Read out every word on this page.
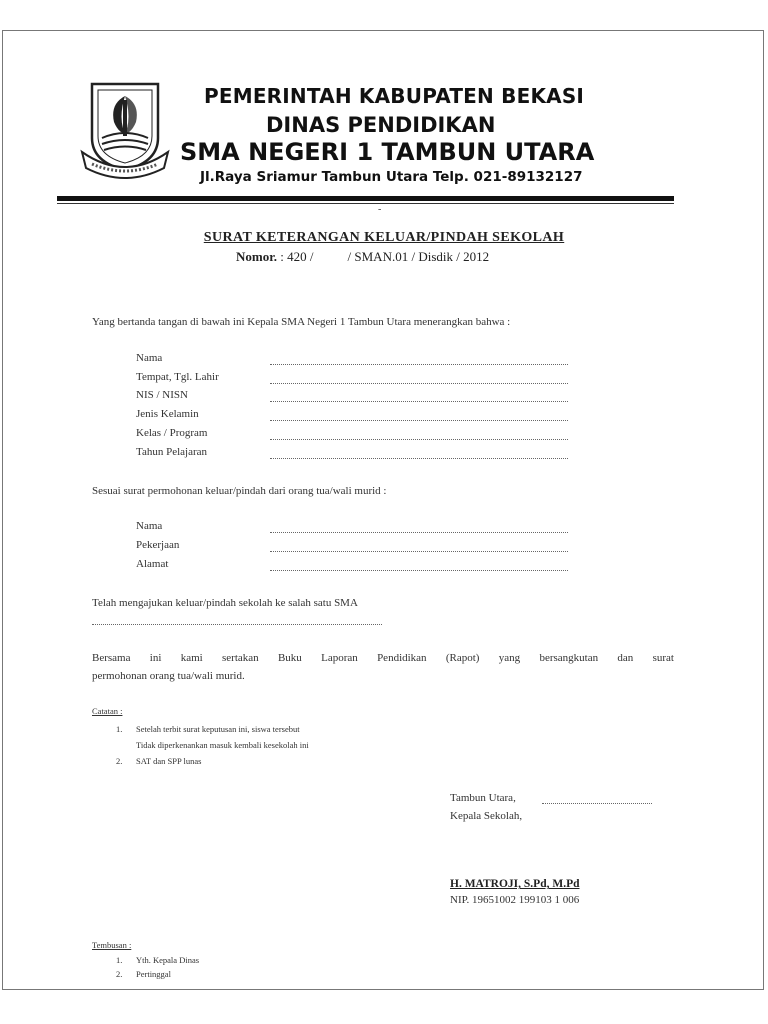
PEMERINTAH KABUPATEN BEKASI
DINAS PENDIDIKAN
SMA NEGERI 1 TAMBUN UTARA
Jl.Raya Sriamur Tambun Utara Telp. 021-89132127
-
SURAT KETERANGAN KELUAR/PINDAH SEKOLAH
Nomor. : 420 /	/ SMAN.01 / Disdik / 2012
Yang bertanda tangan di bawah ini Kepala SMA Negeri 1 Tambun Utara menerangkan bahwa :
Nama
Tempat, Tgl. Lahir
NIS / NISN
Jenis Kelamin
Kelas / Program
Tahun Pelajaran
Sesuai surat permohonan keluar/pindah dari orang tua/wali murid :
Nama
Pekerjaan
Alamat
Telah mengajukan keluar/pindah sekolah ke salah satu SMA
Bersama ini kami sertakan Buku Laporan Pendidikan (Rapot) yang bersangkutan dan surat
permohonan orang tua/wali murid.
Catatan :
1. Setelah terbit surat keputusan ini, siswa tersebut
Tidak diperkenankan masuk kembali kesekolah ini
2. SAT dan SPP lunas
Tambun Utara,
Kepala Sekolah,
H. MATROJI, S.Pd, M.Pd
NIP. 19651002 199103 1 006
Tembusan :
1. Yth. Kepala Dinas
2. Pertinggal
